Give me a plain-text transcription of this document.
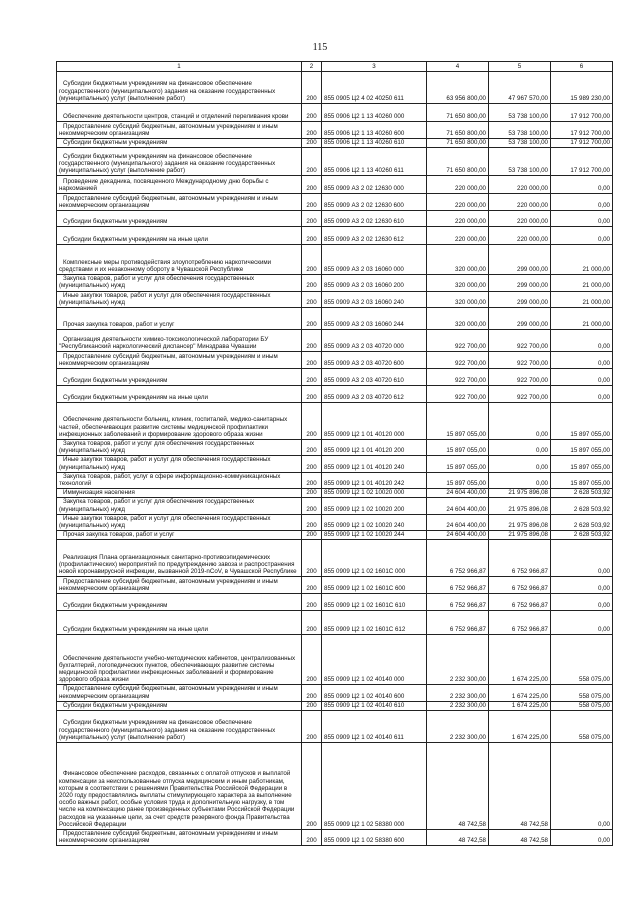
115
1	2	3	4	5	6

Субсидии бюджетным учреждениям на финансовое обеспечение государственного (муниципального) задания на оказание государственных (муниципальных) услуг (выполнение работ)	200	855 0905 Ц2 4 02 40250 611	63 956 800,00	47 967 570,00	15 989 230,00

Обеспечение деятельности центров, станций и отделений переливания крови	200	855 0906 Ц2 1 13 40260 000	71 650 800,00	53 738 100,00	17 912 700,00

Предоставление субсидий бюджетным, автономным учреждениям и иным некоммерческим организациям	200	855 0906 Ц2 1 13 40260 600	71 650 800,00	53 738 100,00	17 912 700,00

Субсидии бюджетным учреждениям	200	855 0906 Ц2 1 13 40260 610	71 650 800,00	53 738 100,00	17 912 700,00

Субсидии бюджетным учреждениям на финансовое обеспечение государственного (муниципального) задания на оказание государственных (муниципальных) услуг (выполнение работ)	200	855 0906 Ц2 1 13 40260 611	71 650 800,00	53 738 100,00	17 912 700,00

Проведение декадника, посвященного Международному дню борьбы с наркоманией	200	855 0909 А3 2 02 12630 000	220 000,00	220 000,00	0,00

Предоставление субсидий бюджетным, автономным учреждениям и иным некоммерческим организациям	200	855 0909 А3 2 02 12630 600	220 000,00	220 000,00	0,00

Субсидии бюджетным учреждениям	200	855 0909 А3 2 02 12630 610	220 000,00	220 000,00	0,00

Субсидии бюджетным учреждениям на иные цели	200	855 0909 А3 2 02 12630 612	220 000,00	220 000,00	0,00

Комплексные меры противодействия злоупотреблению наркотическими средствами и их незаконному обороту в Чувашской Республике	200	855 0909 А3 2 03 16060 000	320 000,00	299 000,00	21 000,00

Закупка товаров, работ и услуг для обеспечения государственных (муниципальных) нужд	200	855 0909 А3 2 03 16060 200	320 000,00	299 000,00	21 000,00

Иные закупки товаров, работ и услуг для обеспечения государственных (муниципальных) нужд	200	855 0909 А3 2 03 16060 240	320 000,00	299 000,00	21 000,00

Прочая закупка товаров, работ и услуг	200	855 0909 А3 2 03 16060 244	320 000,00	299 000,00	21 000,00

Организация деятельности химико-токсикологической лаборатории БУ "Республиканский наркологический диспансер" Минздрава Чувашии	200	855 0909 А3 2 03 40720 000	922 700,00	922 700,00	0,00

Предоставление субсидий бюджетным, автономным учреждениям и иным некоммерческим организациям	200	855 0909 А3 2 03 40720 600	922 700,00	922 700,00	0,00

Субсидии бюджетным учреждениям	200	855 0909 А3 2 03 40720 610	922 700,00	922 700,00	0,00

Субсидии бюджетным учреждениям на иные цели	200	855 0909 А3 2 03 40720 612	922 700,00	922 700,00	0,00

Обеспечение деятельности больниц, клиник, госпиталей, медико-санитарных частей, обеспечивающих развитие системы медицинской профилактики инфекционных заболеваний и формирование здорового образа жизни	200	855 0909 Ц2 1 01 40120 000	15 897 055,00	0,00	15 897 055,00

Закупка товаров, работ и услуг для обеспечения государственных (муниципальных) нужд	200	855 0909 Ц2 1 01 40120 200	15 897 055,00	0,00	15 897 055,00

Иные закупки товаров, работ и услуг для обеспечения государственных (муниципальных) нужд	200	855 0909 Ц2 1 01 40120 240	15 897 055,00	0,00	15 897 055,00

Закупка товаров, работ, услуг в сфере информационно-коммуникационных технологий	200	855 0909 Ц2 1 01 40120 242	15 897 055,00	0,00	15 897 055,00

Иммунизация населения	200	855 0909 Ц2 1 02 10020 000	24 604 400,00	21 975 896,08	2 628 503,92

Закупка товаров, работ и услуг для обеспечения государственных (муниципальных) нужд	200	855 0909 Ц2 1 02 10020 200	24 604 400,00	21 975 896,08	2 628 503,92

Иные закупки товаров, работ и услуг для обеспечения государственных (муниципальных) нужд	200	855 0909 Ц2 1 02 10020 240	24 604 400,00	21 975 896,08	2 628 503,92

Прочая закупка товаров, работ и услуг	200	855 0909 Ц2 1 02 10020 244	24 604 400,00	21 975 896,08	2 628 503,92

Реализация Плана организационных санитарно-противоэпидемических (профилактических) мероприятий по предупреждению завоза и распространения новой коронавирусной инфекции, вызванной 2019-nCoV, в Чувашской Республике	200	855 0909 Ц2 1 02 1601С 000	6 752 966,87	6 752 966,87	0,00

Предоставление субсидий бюджетным, автономным учреждениям и иным некоммерческим организациям	200	855 0909 Ц2 1 02 1601С 600	6 752 966,87	6 752 966,87	0,00

Субсидии бюджетным учреждениям	200	855 0909 Ц2 1 02 1601С 610	6 752 966,87	6 752 966,87	0,00

Субсидии бюджетным учреждениям на иные цели	200	855 0909 Ц2 1 02 1601С 612	6 752 966,87	6 752 966,87	0,00

Обеспечение деятельности учебно-методических кабинетов, централизованных бухгалтерий, логопедических пунктов, обеспечивающих развитие системы медицинской профилактики инфекционных заболеваний и формирование здорового образа жизни	200	855 0909 Ц2 1 02 40140 000	2 232 300,00	1 674 225,00	558 075,00

Предоставление субсидий бюджетным, автономным учреждениям и иным некоммерческим организациям	200	855 0909 Ц2 1 02 40140 600	2 232 300,00	1 674 225,00	558 075,00

Субсидии бюджетным учреждениям	200	855 0909 Ц2 1 02 40140 610	2 232 300,00	1 674 225,00	558 075,00

Субсидии бюджетным учреждениям на финансовое обеспечение государственного (муниципального) задания на оказание государственных (муниципальных) услуг (выполнение работ)	200	855 0909 Ц2 1 02 40140 611	2 232 300,00	1 674 225,00	558 075,00

Финансовое обеспечение расходов, связанных с оплатой отпусков и выплатой компенсации за неиспользованные отпуска медицинским и иным работникам, которым в соответствии с решениями Правительства Российской Федерации в 2020 году предоставлялись выплаты стимулирующего характера за выполнение особо важных работ, особые условия труда и дополнительную нагрузку, в том числе на компенсацию ранее произведенных субъектами Российской Федерации расходов на указанные цели, за счет средств резервного фонда Правительства Российской Федерации	200	855 0909 Ц2 1 02 58380 000	48 742,58	48 742,58	0,00

Предоставление субсидий бюджетным, автономным учреждениям и иным некоммерческим организациям	200	855 0909 Ц2 1 02 58380 600	48 742,58	48 742,58	0,00
